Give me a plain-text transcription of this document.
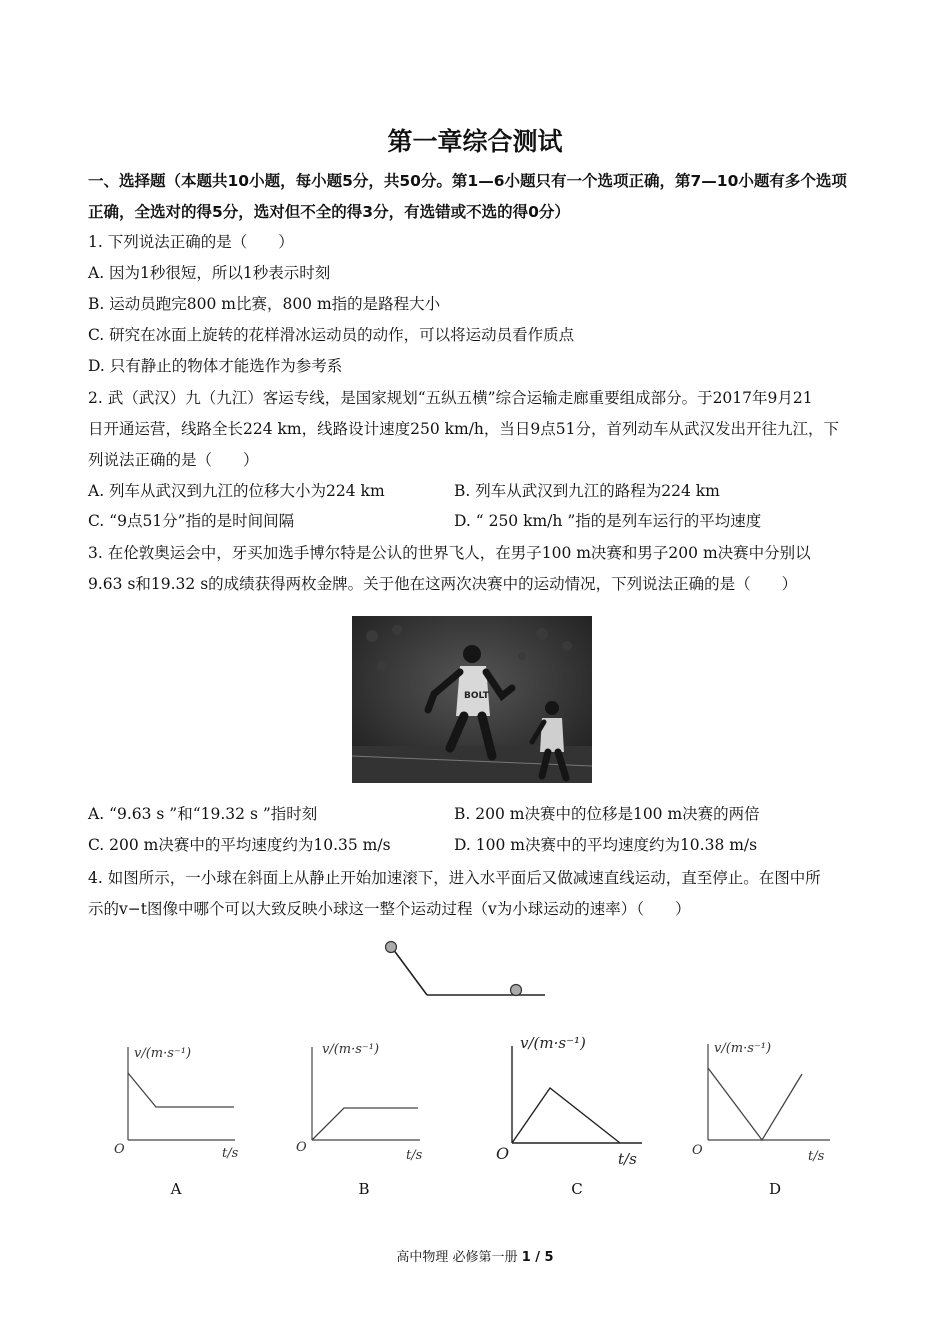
第一章综合测试
一、选择题（本题共10小题，每小题5分，共50分。第1—6小题只有一个选项正确，第7—10小题有多个选项
正确，全选对的得5分，选对但不全的得3分，有选错或不选的得0分）
1. 下列说法正确的是（　　）
A. 因为1秒很短，所以1秒表示时刻
B. 运动员跑完800 m比赛，800 m指的是路程大小
C. 研究在冰面上旋转的花样滑冰运动员的动作，可以将运动员看作质点
D. 只有静止的物体才能选作为参考系
2. 武（武汉）九（九江）客运专线，是国家规划“五纵五横”综合运输走廊重要组成部分。于2017年9月21
日开通运营，线路全长224 km，线路设计速度250 km/h，当日9点51分，首列动车从武汉发出开往九江，下
列说法正确的是（　　）
A. 列车从武汉到九江的位移大小为224 km	B. 列车从武汉到九江的路程为224 km
C. “9点51分”指的是时间间隔	D. “ 250 km/h ”指的是列车运行的平均速度
3. 在伦敦奥运会中，牙买加选手博尔特是公认的世界飞人，在男子100 m决赛和男子200 m决赛中分别以
9.63 s和19.32 s的成绩获得两枚金牌。关于他在这两次决赛中的运动情况，下列说法正确的是（　　）
BOLT
A. “9.63 s ”和“19.32 s ”指时刻	B. 200 m决赛中的位移是100 m决赛的两倍
C. 200 m决赛中的平均速度约为10.35 m/s	D. 100 m决赛中的平均速度约为10.38 m/s
4. 如图所示，一小球在斜面上从静止开始加速滚下，进入水平面后又做减速直线运动，直至停止。在图中所
示的v−t图像中哪个可以大致反映小球这一整个运动过程（v为小球运动的速率）（　　）
v/(m·s⁻¹)
O	t/s
A
v/(m·s⁻¹)
O
t/s
B
v/(m·s⁻¹)
O	t/s
C
v/(m·s⁻¹)
O	t/s
D
高中物理 必修第一册 1 / 5
